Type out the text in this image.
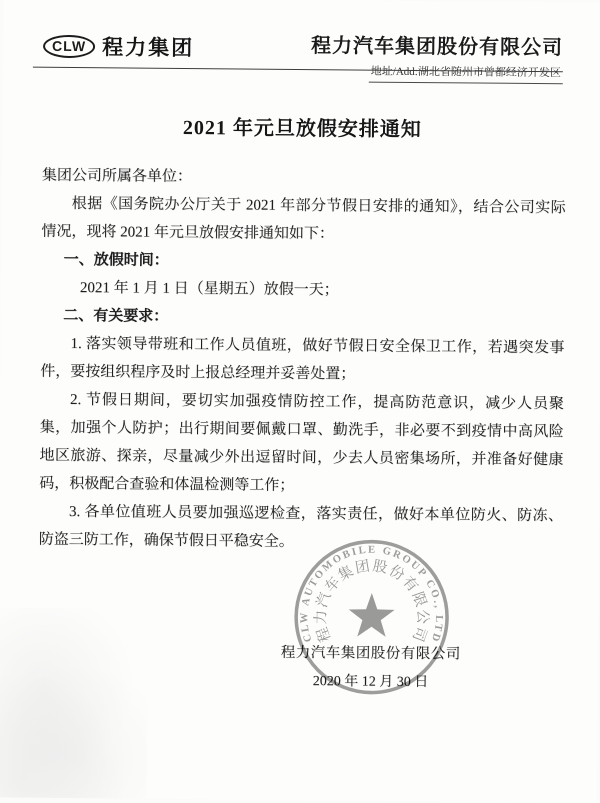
CLW 程力集团	程力汽车集团股份有限公司
地址/Add:湖北省随州市曾都经济开发区
2021 年元旦放假安排通知

集团公司所属各单位：

根据《国务院办公厅关于 2021 年部分节假日安排的通知》，结合公司实际情况，现将 2021 年元旦放假安排通知如下：

一、放假时间：

2021 年 1 月 1 日（星期五）放假一天；

二、有关要求：

1. 落实领导带班和工作人员值班，做好节假日安全保卫工作，若遇突发事件，要按组织程序及时上报总经理并妥善处置；

2. 节假日期间，要切实加强疫情防控工作，提高防范意识，减少人员聚集，加强个人防护；出行期间要佩戴口罩、勤洗手，非必要不到疫情中高风险地区旅游、探亲，尽量减少外出逗留时间，少去人员密集场所，并准备好健康码，积极配合查验和体温检测等工作；

3. 各单位值班人员要加强巡逻检查，落实责任，做好本单位防火、防冻、防盗三防工作，确保节假日平稳安全。

程力汽车集团股份有限公司
2020 年 12 月 30 日
CLW AUTOMOBILE GROUP CO., LTD
程力汽车集团股份有限公司
